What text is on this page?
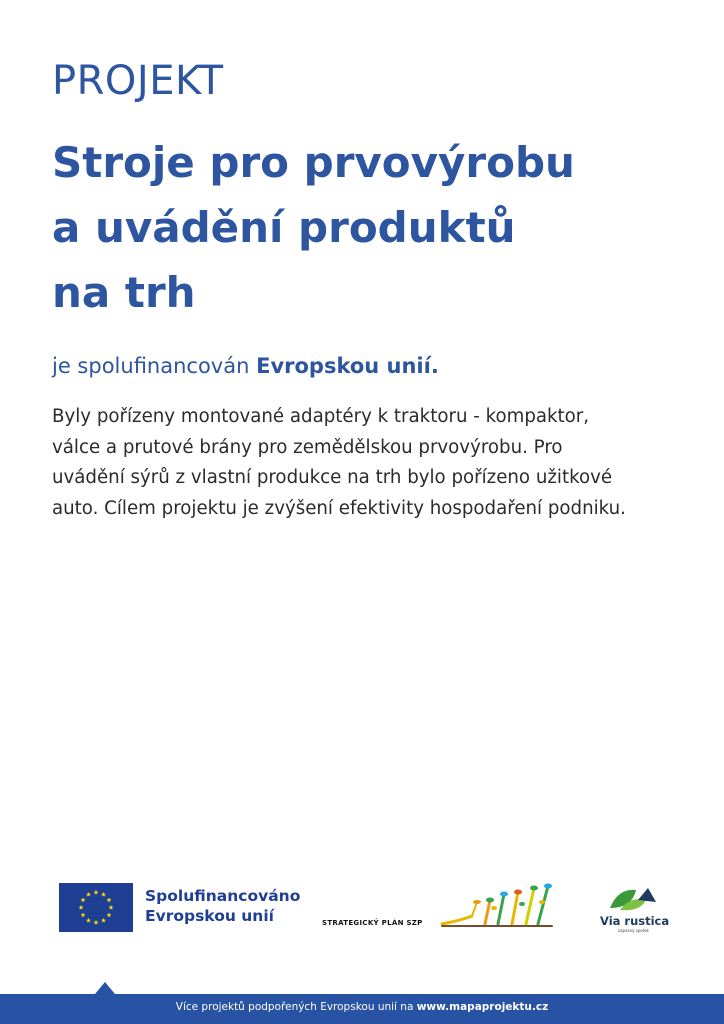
PROJEKT
Stroje pro prvovýrobu
a uvádění produktů
na trh
je spolufinancován Evropskou unií.
Byly pořízeny montované adaptéry k traktoru - kompaktor,
válce a prutové brány pro zemědělskou prvovýrobu. Pro
uvádění sýrů z vlastní produkce na trh bylo pořízeno užitkové
auto. Cílem projektu je zvýšení efektivity hospodaření podniku.
Spolufinancováno
Evropskou unií	STRATEGICKÝ PLÁN SZP	Via rustica
zapsaný spolek
Více projektů podpořených Evropskou unií na www.mapaprojektu.cz
